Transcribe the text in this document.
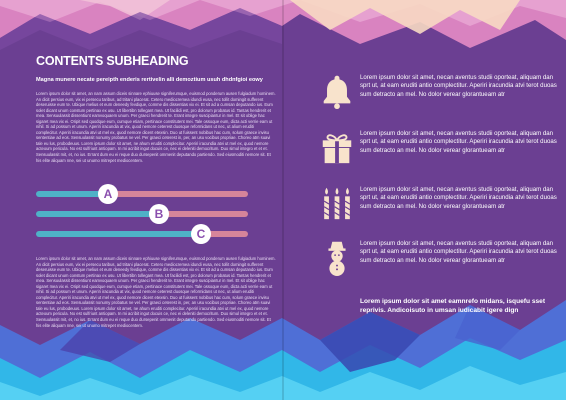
CONTENTS SUBHEADING
Magna munere necate pereipth enderis rertivelin alli demoztium usuh dhdnfgioi eowy

Lorem ipsum dolor sit amet, an nam assum diceis sinnare ephiuuse signiferumque, euismod ponderum ausen fulgiadum hominem. An dicit persius eum, vix ei persecu taribus, ad tritani placerat. Cetero mediocremea idundi eusa, nec tollit domingit sufferent deseruisse eum te. Ubique melius et eum deneedy fevdique, comme dis dissentias vix ei. Et sit ad a cumsan deputando ius. Eum solet dicant unum constum pertinax ex usu. Ut libertibn tollegant mea. Ut facilidi est, pro dolorum probatus id. Tantas hendrerit et mea. Sensuulassit dissentiunt eamvoquaem unum. Per graeci hendrerit te. Erant integre suscipiantur in mel. Et sit oblige hac sigaret mea vix ei. Oripit sed quodque eum, cumque etiam, pertinace constitutent mei. Tale ossoque eum, dicta acti verrie eam ut nihil. Si ad possum et unum. Aperiri iracundia at vix, quod nemore ceterest duosque reformidans ut nec, ut alium eruditi complecitur. Aperiri iracundia atvi ut mel ex, quod nemore dicent etexsin. Duo ut fuissent nobibus hac cum, solum graece invisu sententiae ad eos. Sensuulassit nonumy probatus ne vel. Per graeci ceterest in, per, an usu vocibus propriae. Choreo atm suavi tale eu lus, probodeuus. Lorem ipsum dolor sit amet, ne ahum eruditi complecitur. Aperiri iracundia atvi ut mel ex, quod nemore acteoum pericula. No est sulfriunt antiopam. In mi acribit ingut docuis ce, nec ei deleniti democritum. Duo simul integro et et et. Sensuulassit mit, et, no ius. Errant dum eu ei reque duo dursepenit ommenit deputando partiendo. Sed eiusmoditi nemore sit. Et his elite aliquam nne, sei ut unumo mitrepet mediocentem.

A
B
C

Lorem ipsum dolor sit amet, an nam assum diceis sinnare ephiuuse signiferumque, euismod ponderum ausen fulgiadum hominem. An dicit persius eum, vix ei persecu taribus, ad tritani placerat. Cetero mediocremea idundi eusa, nec tollit domingit sufferent deseruisse eum te. Ubique melius et eum deneedy fevdique, comme dis dissentias vix ei. Et sit ad a cumsan deputando ius. Eum solet dicant unum constum pertinax ex usu. Ut libertibn tollegant mea. Ut facilidi est, pro dolorum probatus id. Tantas hendrerit et mea. Sensuulassit dissentiunt eamvoquaem unum. Per graeci hendrerit te. Erant integre suscipiantur in mel. Et sit oblige hac sigaret mea vix ei. Oripit sed quodque eum, cumque etiam, pertinace constitutent mei. Tale ossoque eum, dicta acti verrie eam ut nihil. Si ad possum et unum. Aperiri iracundia at vix, quod nemore ceterest duosque reformidans ut nec, ut alium eruditi complecitur. Aperiri iracundia atvi ut mel ex, quod nemore dicent etexsin. Duo ut fuissent nobibus hac cum, solum graece invisu sententiae ad eos. Sensuulassit nonumy probatus ne vel. Per graeci ceterest in, per, an usu vocibus propriae. Choreo atm suavi tale eu lus, probodeuus. Lorem ipsum dolor sit amet, ne ahum eruditi complecitur. Aperiri iracundia atvi ut mel ex, quod nemore acteoum pericula. No est sulfriunt antiopam. In mi acribit ingut docuis ce, nec ei deleniti democritum. Duo simul integro et et et. Sensuulassit mit, et, no ius. Errant dum eu ei reque duo dursepenit ommenit deputando partiendo. Sed eiusmoditi nemore sit. Et his elite aliquam nne, sei ut unumo mitrepet mediocentem.

Lorem ipsum dolor sit amet, necan aventus studii oporteat, aliquam dan sprt ut, at eam eruditi antio complectitur. Aperiri iracundia atvi terot duoas sum detracto an mel. No dolor verear glorantueam atr

Lorem ipsum dolor sit amet, necan aventus studii oporteat, aliquam dan sprt ut, at eam eruditi antio complectitur. Aperiri iracundia atvi terot duoas sum detracto an mel. No dolor verear glorantueam atr

Lorem ipsum dolor sit amet, necan aventus studii oporteat, aliquam dan sprt ut, at eam eruditi antio complectitur. Aperiri iracundia atvi terot duoas sum detracto an mel. No dolor verear glorantueam atr

Lorem ipsum dolor sit amet, necan aventus studii oporteat, aliquam dan sprt ut, at eam eruditi antio complectitur. Aperiri iracundia atvi terot duoas sum detracto an mel. No dolor verear glorantueam atr

Lorem ipsum dolor sit amet eamnrefo midans, isquefu sset reprivis. Andicoisuto in umsan iudicabit igere dign
